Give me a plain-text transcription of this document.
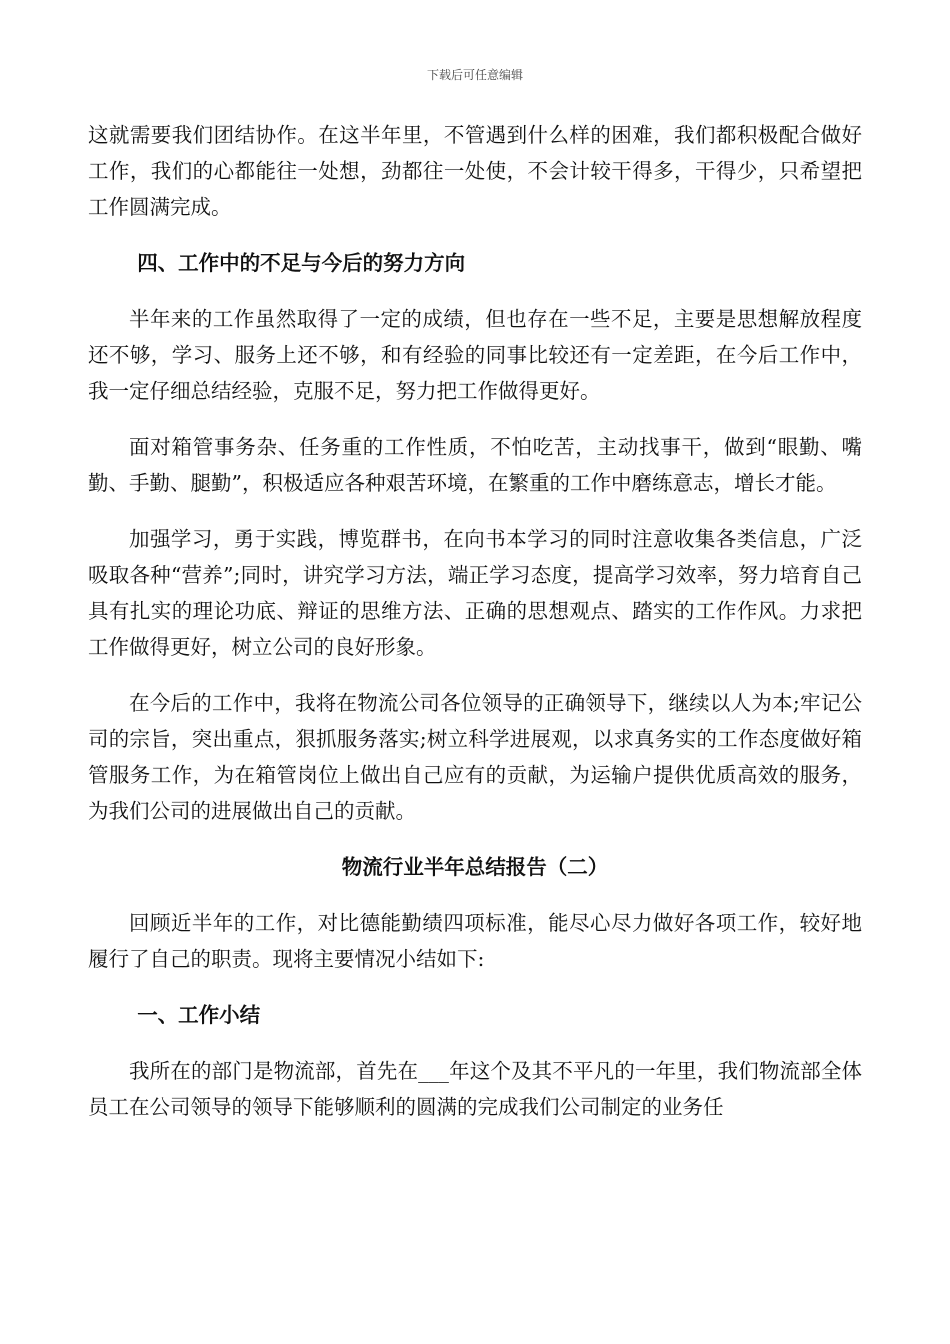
下载后可任意编辑

这就需要我们团结协作。在这半年里，不管遇到什么样的困难，我们都积极配合做好工作，我们的心都能往一处想，劲都往一处使，不会计较干得多，干得少，只希望把工作圆满完成。

四、工作中的不足与今后的努力方向

半年来的工作虽然取得了一定的成绩，但也存在一些不足，主要是思想解放程度还不够，学习、服务上还不够，和有经验的同事比较还有一定差距，在今后工作中，我一定仔细总结经验，克服不足，努力把工作做得更好。

面对箱管事务杂、任务重的工作性质，不怕吃苦，主动找事干，做到“眼勤、嘴勤、手勤、腿勤”，积极适应各种艰苦环境，在繁重的工作中磨练意志，增长才能。

加强学习，勇于实践，博览群书，在向书本学习的同时注意收集各类信息，广泛吸取各种“营养”;同时，讲究学习方法，端正学习态度，提高学习效率，努力培育自己具有扎实的理论功底、辩证的思维方法、正确的思想观点、踏实的工作作风。力求把工作做得更好，树立公司的良好形象。

在今后的工作中，我将在物流公司各位领导的正确领导下，继续以人为本;牢记公司的宗旨，突出重点，狠抓服务落实;树立科学进展观，以求真务实的工作态度做好箱管服务工作，为在箱管岗位上做出自己应有的贡献，为运输户提供优质高效的服务，为我们公司的进展做出自己的贡献。

物流行业半年总结报告（二）

回顾近半年的工作，对比德能勤绩四项标准，能尽心尽力做好各项工作，较好地履行了自己的职责。现将主要情况小结如下:

一、工作小结

我所在的部门是物流部，首先在___年这个及其不平凡的一年里，我们物流部全体员工在公司领导的领导下能够顺利的圆满的完成我们公司制定的业务任
